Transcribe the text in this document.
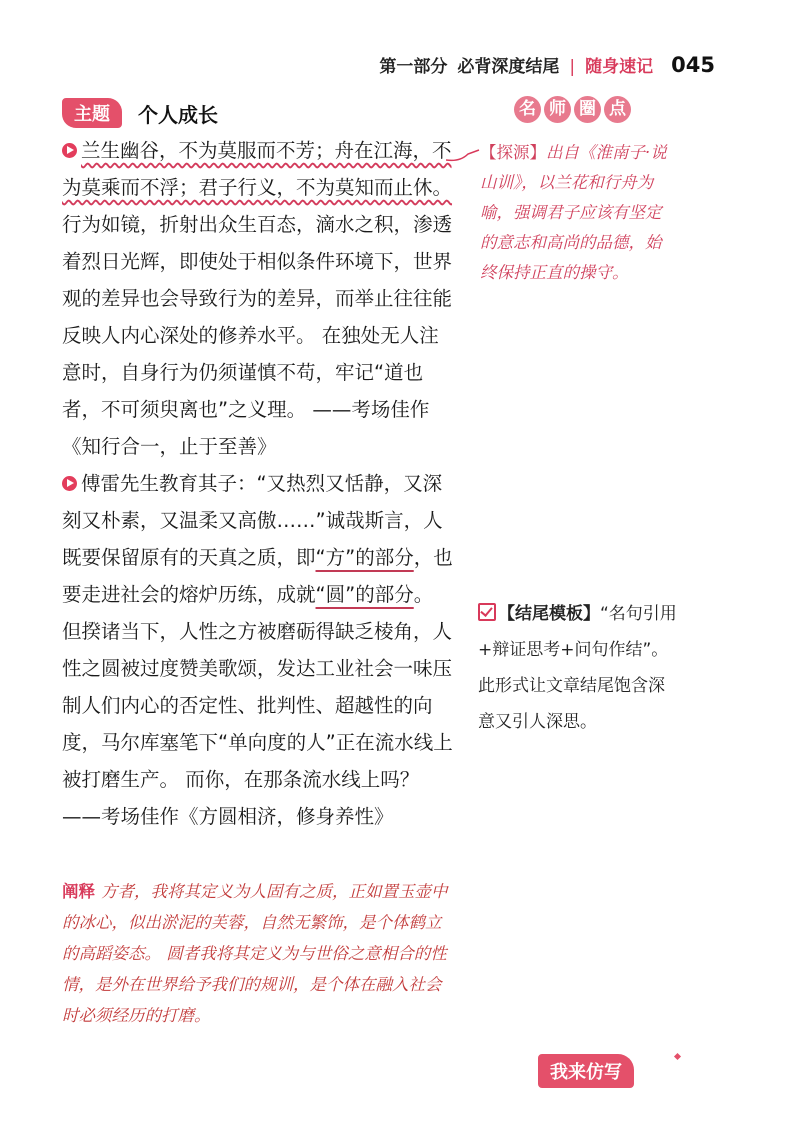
第一部分 必背深度结尾 | 随身速记 045
主题	个人成长

兰生幽谷，不为莫服而不芳；舟在江海，不为莫乘而不浮；君子行义，不为莫知而止休。行为如镜，折射出众生百态，滴水之积，渗透着烈日光辉，即使处于相似条件环境下，世界观的差异也会导致行为的差异，而举止往往能反映人内心深处的修养水平。 在独处无人注意时，自身行为仍须谨慎不苟，牢记“道也者，不可须臾离也”之义理。 ——考场佳作《知行合一，止于至善》

傅雷先生教育其子：“又热烈又恬静，又深刻又朴素，又温柔又高傲……”诚哉斯言，人既要保留原有的天真之质，即“方”的部分，也要走进社会的熔炉历练，成就“圆”的部分。 但揆诸当下，人性之方被磨砺得缺乏棱角，人性之圆被过度赞美歌颂，发达工业社会一味压制人们内心的否定性、批判性、超越性的向度，马尔库塞笔下“单向度的人”正在流水线上被打磨生产。 而你，在那条流水线上吗？ ——考场佳作《方圆相济，修身养性》

阐释 方者，我将其定义为人固有之质，正如置玉壶中的冰心，似出淤泥的芙蓉，自然无繁饰，是个体鹤立的高蹈姿态。 圆者我将其定义为与世俗之意相合的性情，是外在世界给予我们的规训，是个体在融入社会时必须经历的打磨。
名 师 圈 点
【探源】出自《淮南子·说山训》，以兰花和行舟为喻，强调君子应该有坚定的意志和高尚的品德，始终保持正直的操守。
【结尾模板】“名句引用+辩证思考+问句作结”。此形式让文章结尾饱含深意又引人深思。
我来仿写
